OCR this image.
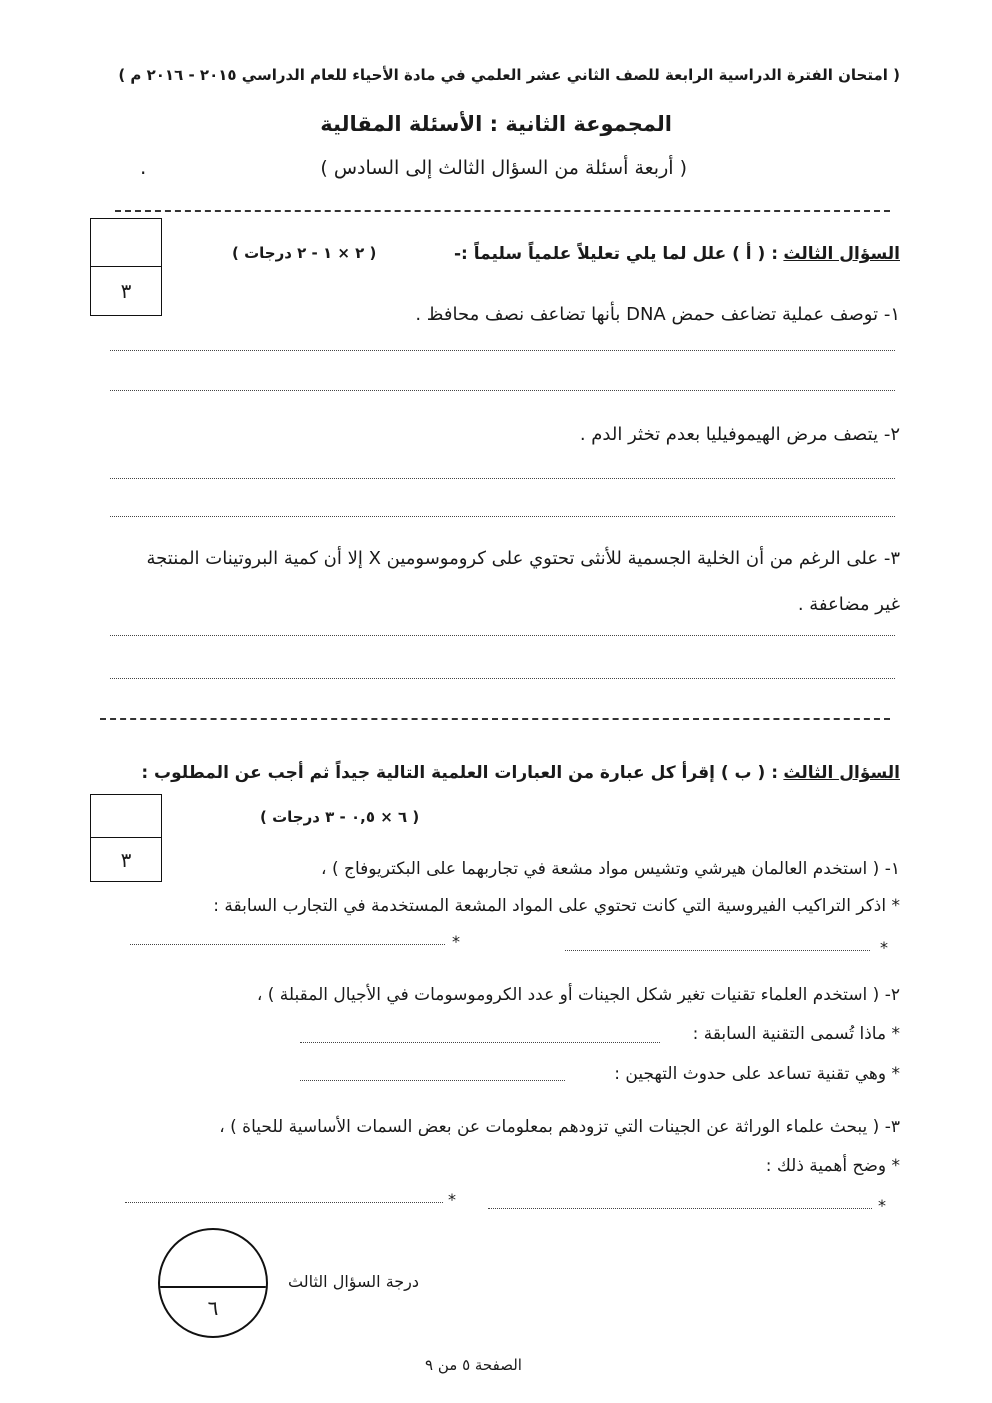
( امتحان الفترة الدراسية الرابعة للصف الثاني عشر العلمي في مادة الأحياء للعام الدراسي ٢٠١٥ - ٢٠١٦ م )
المجموعة الثانية : الأسئلة المقالية
( أربعة أسئلة من السؤال الثالث إلى السادس )
.
٣
السؤال الثالث : ( أ ) علل لما يلي تعليلاً علمياً سليماً :-
( ٢ × ١ - ٢ درجات )
١- توصف عملية تضاعف حمض DNA بأنها تضاعف نصف محافظ .
٢- يتصف مرض الهيموفيليا بعدم تخثر الدم .
٣- على الرغم من أن الخلية الجسمية للأنثى تحتوي على كروموسومين X إلا أن كمية البروتينات المنتجة
غير مضاعفة .
السؤال الثالث : ( ب ) إقرأ كل عبارة من العبارات العلمية التالية جيداً ثم أجب عن المطلوب :
٣
( ٦ × ٠,٥ - ٣ درجات )
١- ( استخدم العالمان هيرشي وتشيس مواد مشعة في تجاربهما على البكتريوفاج ) ،
* اذكر التراكيب الفيروسية التي كانت تحتوي على المواد المشعة المستخدمة في التجارب السابقة :
*
*
٢- ( استخدم العلماء تقنيات تغير شكل الجينات أو عدد الكروموسومات في الأجيال المقبلة ) ،
* ماذا تُسمى التقنية السابقة :
* وهي تقنية تساعد على حدوث التهجين :
٣- ( يبحث علماء الوراثة عن الجينات التي تزودهم بمعلومات عن بعض السمات الأساسية للحياة ) ،
* وضح أهمية ذلك :
*
*
٦
درجة السؤال الثالث
الصفحة ٥ من ٩
